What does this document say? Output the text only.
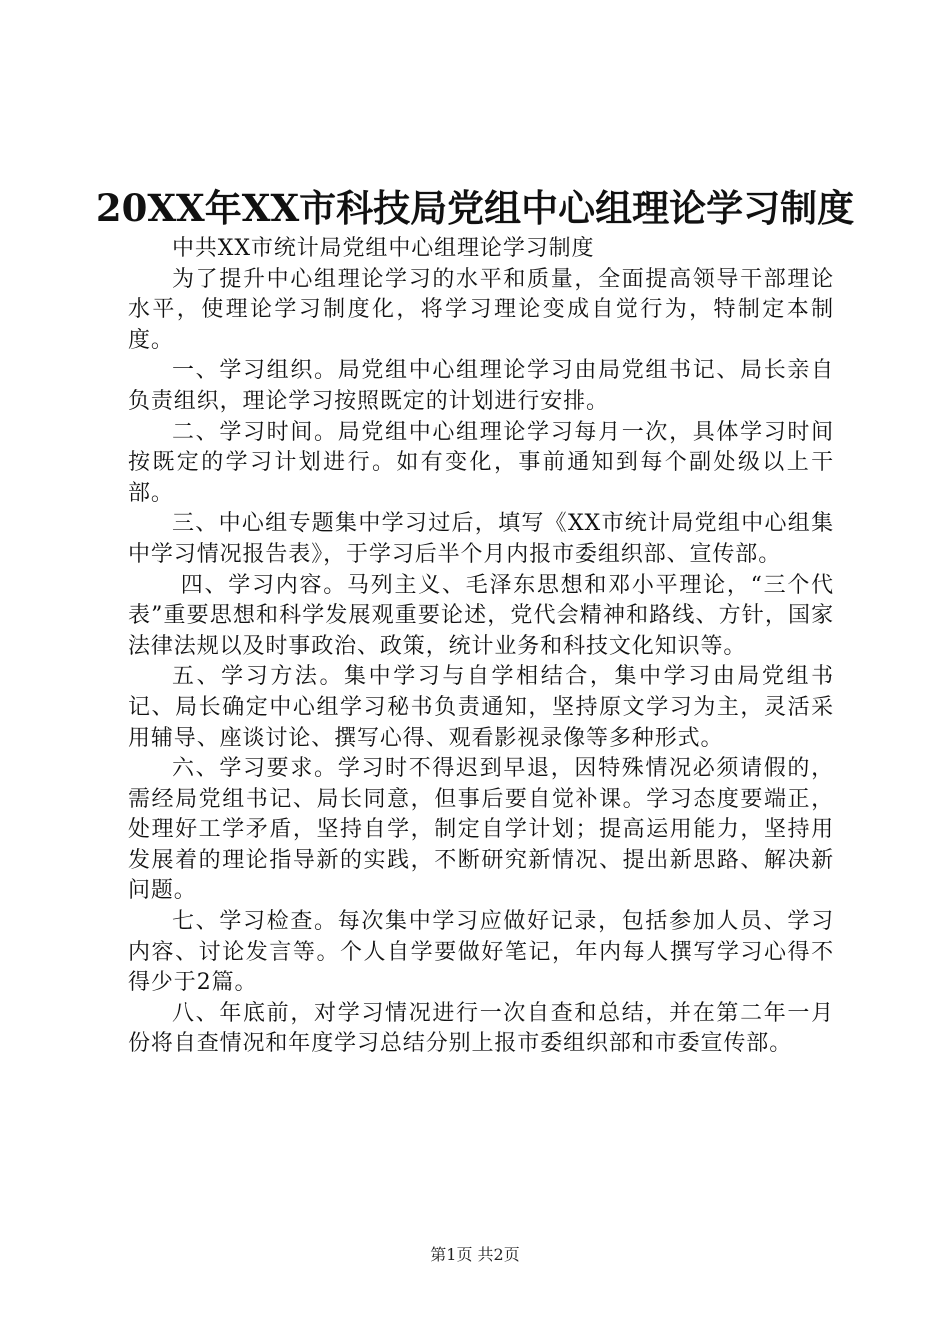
20XX年XX市科技局党组中心组理论学习制度

中共XX市统计局党组中心组理论学习制度

为了提升中心组理论学习的水平和质量，全面提高领导干部理论水平，使理论学习制度化，将学习理论变成自觉行为，特制定本制度。

一、学习组织。局党组中心组理论学习由局党组书记、局长亲自负责组织，理论学习按照既定的计划进行安排。

二、学习时间。局党组中心组理论学习每月一次，具体学习时间按既定的学习计划进行。如有变化，事前通知到每个副处级以上干部。

三、中心组专题集中学习过后，填写《XX市统计局党组中心组集中学习情况报告表》，于学习后半个月内报市委组织部、宣传部。

四、学习内容。马列主义、毛泽东思想和邓小平理论，“三个代表”重要思想和科学发展观重要论述，党代会精神和路线、方针，国家法律法规以及时事政治、政策，统计业务和科技文化知识等。

五、学习方法。集中学习与自学相结合，集中学习由局党组书记、局长确定中心组学习秘书负责通知，坚持原文学习为主，灵活采用辅导、座谈讨论、撰写心得、观看影视录像等多种形式。

六、学习要求。学习时不得迟到早退，因特殊情况必须请假的，需经局党组书记、局长同意，但事后要自觉补课。学习态度要端正，处理好工学矛盾，坚持自学，制定自学计划；提高运用能力，坚持用发展着的理论指导新的实践，不断研究新情况、提出新思路、解决新问题。

七、学习检查。每次集中学习应做好记录，包括参加人员、学习内容、讨论发言等。个人自学要做好笔记，年内每人撰写学习心得不得少于2篇。

八、年底前，对学习情况进行一次自查和总结，并在第二年一月份将自查情况和年度学习总结分别上报市委组织部和市委宣传部。

第1页 共2页
